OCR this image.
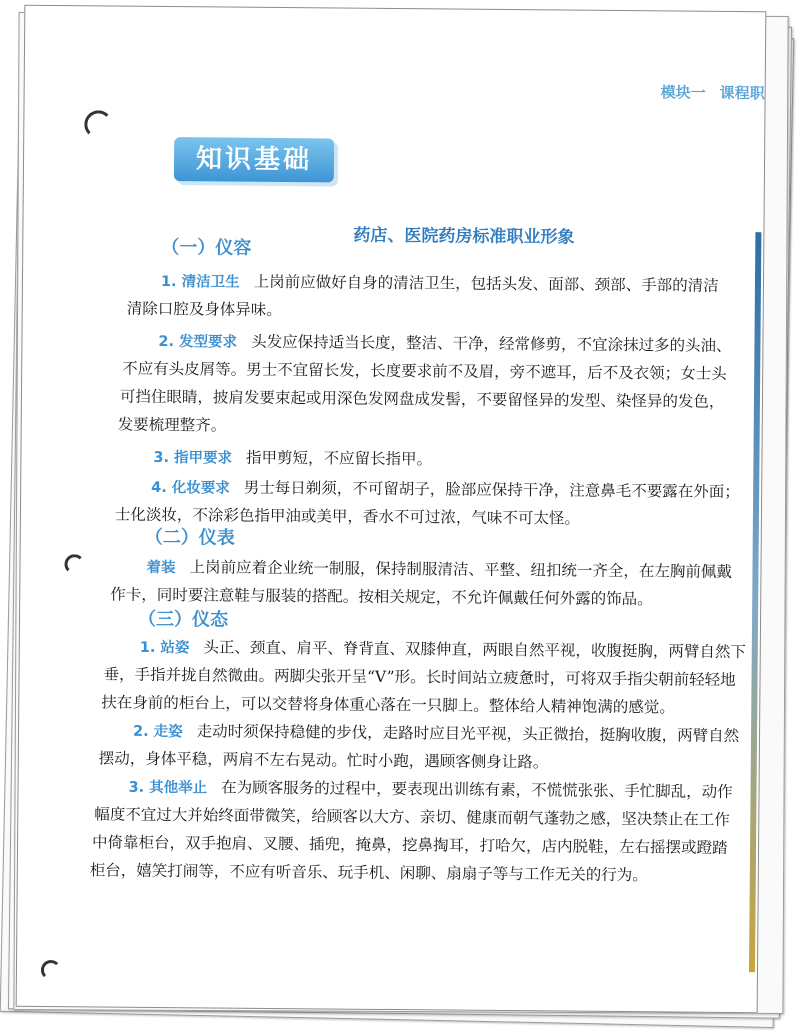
模块一 课程职
知识基础
药店、医院药房标准职业形象
（一）仪容
1. 清洁卫生 上岗前应做好自身的清洁卫生，包括头发、面部、颈部、手部的清洁
清除口腔及身体异味。
2. 发型要求 头发应保持适当长度，整洁、干净，经常修剪，不宜涂抹过多的头油、
不应有头皮屑等。男士不宜留长发，长度要求前不及眉，旁不遮耳，后不及衣领；女士头
可挡住眼睛，披肩发要束起或用深色发网盘成发髻，不要留怪异的发型、染怪异的发色，
发要梳理整齐。
3. 指甲要求 指甲剪短，不应留长指甲。
4. 化妆要求 男士每日剃须，不可留胡子，脸部应保持干净，注意鼻毛不要露在外面；
士化淡妆，不涂彩色指甲油或美甲，香水不可过浓，气味不可太怪。
（二）仪表
着装 上岗前应着企业统一制服，保持制服清洁、平整、纽扣统一齐全，在左胸前佩戴
作卡，同时要注意鞋与服装的搭配。按相关规定，不允许佩戴任何外露的饰品。
（三）仪态
1. 站姿 头正、颈直、肩平、脊背直、双膝伸直，两眼自然平视，收腹挺胸，两臂自然下
垂，手指并拢自然微曲。两脚尖张开呈“V”形。长时间站立疲惫时，可将双手指尖朝前轻轻地
扶在身前的柜台上，可以交替将身体重心落在一只脚上。整体给人精神饱满的感觉。
2. 走姿 走动时须保持稳健的步伐，走路时应目光平视，头正微抬，挺胸收腹，两臂自然
摆动，身体平稳，两肩不左右晃动。忙时小跑，遇顾客侧身让路。
3. 其他举止 在为顾客服务的过程中，要表现出训练有素，不慌慌张张、手忙脚乱，动作
幅度不宜过大并始终面带微笑，给顾客以大方、亲切、健康而朝气蓬勃之感，坚决禁止在工作
中倚靠柜台，双手抱肩、叉腰、插兜，掩鼻，挖鼻掏耳，打哈欠，店内脱鞋，左右摇摆或蹬踏
柜台，嬉笑打闹等，不应有听音乐、玩手机、闲聊、扇扇子等与工作无关的行为。
